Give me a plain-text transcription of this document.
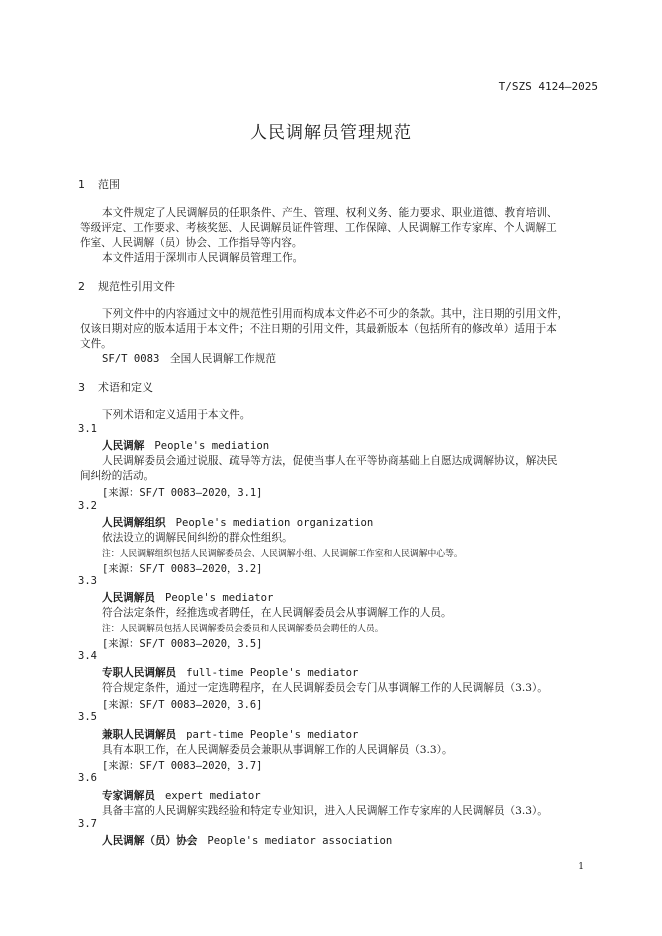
T/SZS 4124—2025
人民调解员管理规范
1 范围
本文件规定了人民调解员的任职条件、产生、管理、权利义务、能力要求、职业道德、教育培训、
等级评定、工作要求、考核奖惩、人民调解员证件管理、工作保障、人民调解工作专家库、个人调解工
作室、人民调解（员）协会、工作指导等内容。
本文件适用于深圳市人民调解员管理工作。
2 规范性引用文件
下列文件中的内容通过文中的规范性引用而构成本文件必不可少的条款。其中，注日期的引用文件，
仅该日期对应的版本适用于本文件；不注日期的引用文件，其最新版本（包括所有的修改单）适用于本
文件。
SF/T 0083　全国人民调解工作规范
3 术语和定义
下列术语和定义适用于本文件。
3.1
人民调解 People's mediation
人民调解委员会通过说服、疏导等方法，促使当事人在平等协商基础上自愿达成调解协议，解决民
间纠纷的活动。
[来源：SF/T 0083—2020，3.1]
3.2
人民调解组织 People's mediation organization
依法设立的调解民间纠纷的群众性组织。
注：人民调解组织包括人民调解委员会、人民调解小组、人民调解工作室和人民调解中心等。
[来源：SF/T 0083—2020，3.2]
3.3
人民调解员 People's mediator
符合法定条件，经推选或者聘任，在人民调解委员会从事调解工作的人员。
注：人民调解员包括人民调解委员会委员和人民调解委员会聘任的人员。
[来源：SF/T 0083—2020，3.5]
3.4
专职人民调解员 full-time People's mediator
符合规定条件，通过一定选聘程序，在人民调解委员会专门从事调解工作的人民调解员（3.3）。
[来源：SF/T 0083—2020，3.6]
3.5
兼职人民调解员 part-time People's mediator
具有本职工作，在人民调解委员会兼职从事调解工作的人民调解员（3.3）。
[来源：SF/T 0083—2020，3.7]
3.6
专家调解员 expert mediator
具备丰富的人民调解实践经验和特定专业知识，进入人民调解工作专家库的人民调解员（3.3）。
3.7
人民调解（员）协会 People's mediator association
1
